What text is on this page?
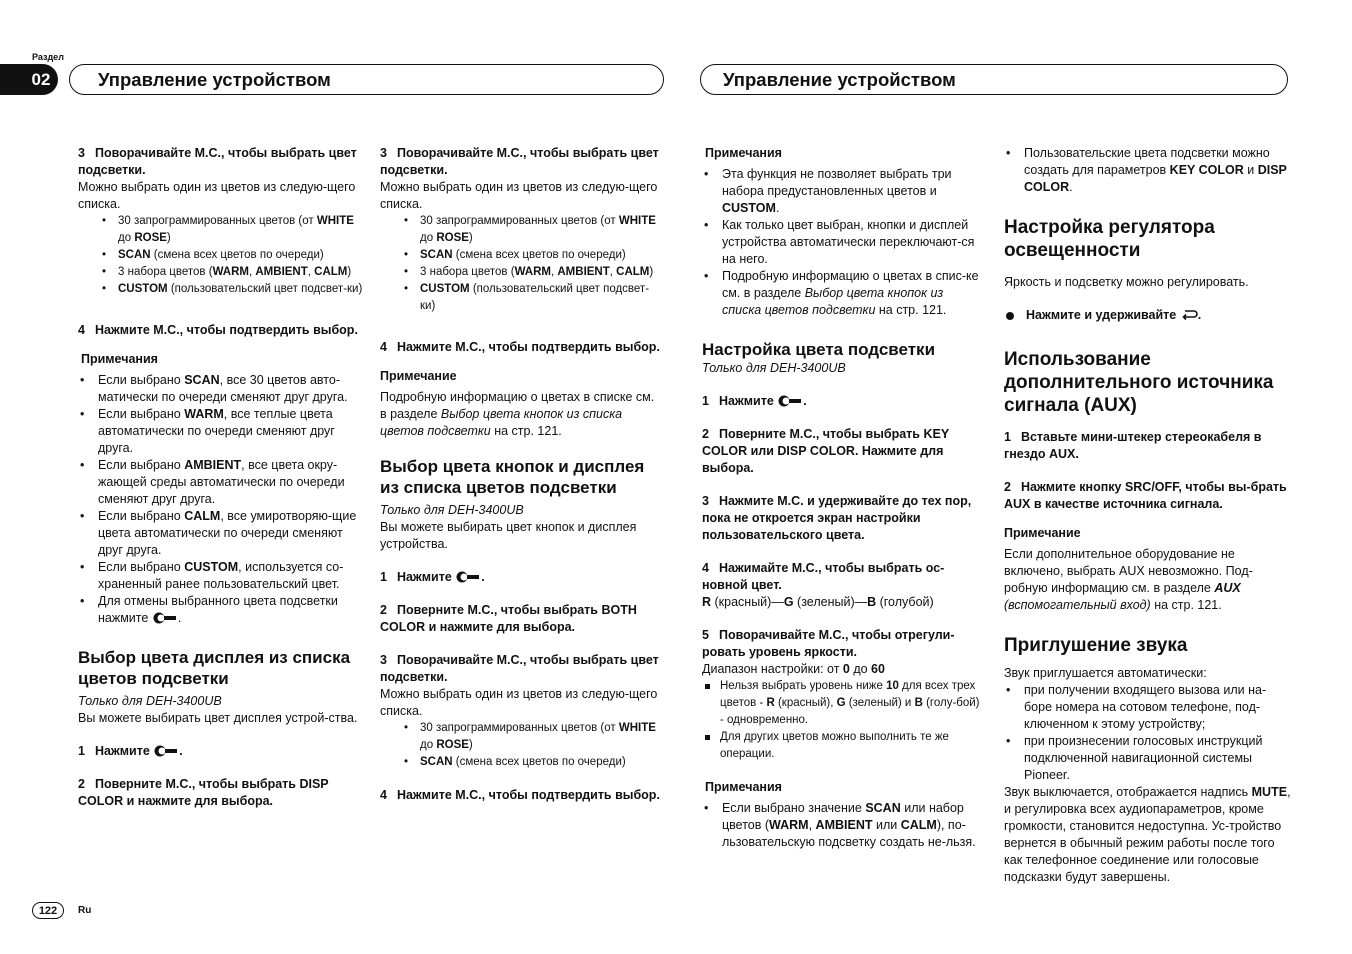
Раздел
02	Управление устройством	Управление устройством

3 Поворачивайте M.C., чтобы выбрать цвет подсветки.

Можно выбрать один из цветов из следую-щего списка.

• 30 запрограммированных цветов (от WHITE до ROSE)
• SCAN (смена всех цветов по очереди)
• 3 набора цветов (WARM, AMBIENT, CALM)
• CUSTOM (пользовательский цвет подсвет-ки)

4 Нажмите M.C., чтобы подтвердить выбор.

Примечания

• Если выбрано SCAN, все 30 цветов авто-матически по очереди сменяют друг друга.
• Если выбрано WARM, все теплые цвета автоматически по очереди сменяют друг друга.
• Если выбрано AMBIENT, все цвета окру-жающей среды автоматически по очереди сменяют друг друга.
• Если выбрано CALM, все умиротворяю-щие цвета автоматически по очереди сменяют друг друга.
• Если выбрано CUSTOM, используется со-храненный ранее пользовательский цвет.
• Для отмены выбранного цвета подсветки нажмите .

Выбор цвета дисплея из списка цветов подсветки

Только для DEH-3400UB

Вы можете выбирать цвет дисплея устрой-ства.

1 Нажмите .

2 Поверните M.C., чтобы выбрать DISP COLOR и нажмите для выбора.

3 Поворачивайте M.C., чтобы выбрать цвет подсветки.

Можно выбрать один из цветов из следую-щего списка.

• 30 запрограммированных цветов (от WHITE до ROSE)
• SCAN (смена всех цветов по очереди)
• 3 набора цветов (WARM, AMBIENT, CALM)
• CUSTOM (пользовательский цвет подсвет-ки)

4 Нажмите M.C., чтобы подтвердить выбор.

Примечание

Подробную информацию о цветах в списке см. в разделе Выбор цвета кнопок из списка цветов подсветки на стр. 121.

Выбор цвета кнопок и дисплея из списка цветов подсветки

Только для DEH-3400UB

Вы можете выбирать цвет кнопок и дисплея устройства.

1 Нажмите .

2 Поверните M.C., чтобы выбрать BOTH COLOR и нажмите для выбора.

3 Поворачивайте M.C., чтобы выбрать цвет подсветки.

Можно выбрать один из цветов из следую-щего списка.

• 30 запрограммированных цветов (от WHITE до ROSE)
• SCAN (смена всех цветов по очереди)

4 Нажмите M.C., чтобы подтвердить выбор.

Примечания

• Эта функция не позволяет выбрать три набора предустановленных цветов и CUSTOM.
• Как только цвет выбран, кнопки и дисплей устройства автоматически переключают-ся на него.
• Подробную информацию о цветах в спис-ке см. в разделе Выбор цвета кнопок из списка цветов подсветки на стр. 121.

Настройка цвета подсветки

Только для DEH-3400UB

1 Нажмите .

2 Поверните M.C., чтобы выбрать KEY COLOR или DISP COLOR. Нажмите для выбора.

3 Нажмите M.C. и удерживайте до тех пор, пока не откроется экран настройки пользовательского цвета.

4 Нажимайте M.C., чтобы выбрать ос-новной цвет.

R (красный)—G (зеленый)—B (голубой)

5 Поворачивайте M.C., чтобы отрегули-ровать уровень яркости.

Диапазон настройки: от 0 до 60

Нельзя выбрать уровень ниже 10 для всех трех цветов - R (красный), G (зеленый) и B (голу-бой) - одновременно.
Для других цветов можно выполнить те же операции.

Примечания

• Если выбрано значение SCAN или набор цветов (WARM, AMBIENT или CALM), по-льзовательскую подсветку создать не-льзя.
• Пользовательские цвета подсветки можно создать для параметров KEY COLOR и DISP COLOR.

Настройка регулятора освещенности

Яркость и подсветку можно регулировать.

Нажмите и удерживайте .

Использование дополнительного источника сигнала (AUX)

1 Вставьте мини-штекер стереокабеля в гнездо AUX.

2 Нажмите кнопку SRC/OFF, чтобы вы-брать AUX в качестве источника сигнала.

Примечание

Если дополнительное оборудование не включено, выбрать AUX невозможно. Под-робную информацию см. в разделе AUX (вспомогательный вход) на стр. 121.

Приглушение звука

Звук приглушается автоматически:

• при получении входящего вызова или на-боре номера на сотовом телефоне, под-ключенном к этому устройству;
• при произнесении голосовых инструкций подключенной навигационной системы Pioneer.

Звук выключается, отображается надпись MUTE, и регулировка всех аудиопараметров, кроме громкости, становится недоступна. Ус-тройство вернется в обычный режим работы после того как телефонное соединение или голосовые подсказки будут завершены.

122	Ru
